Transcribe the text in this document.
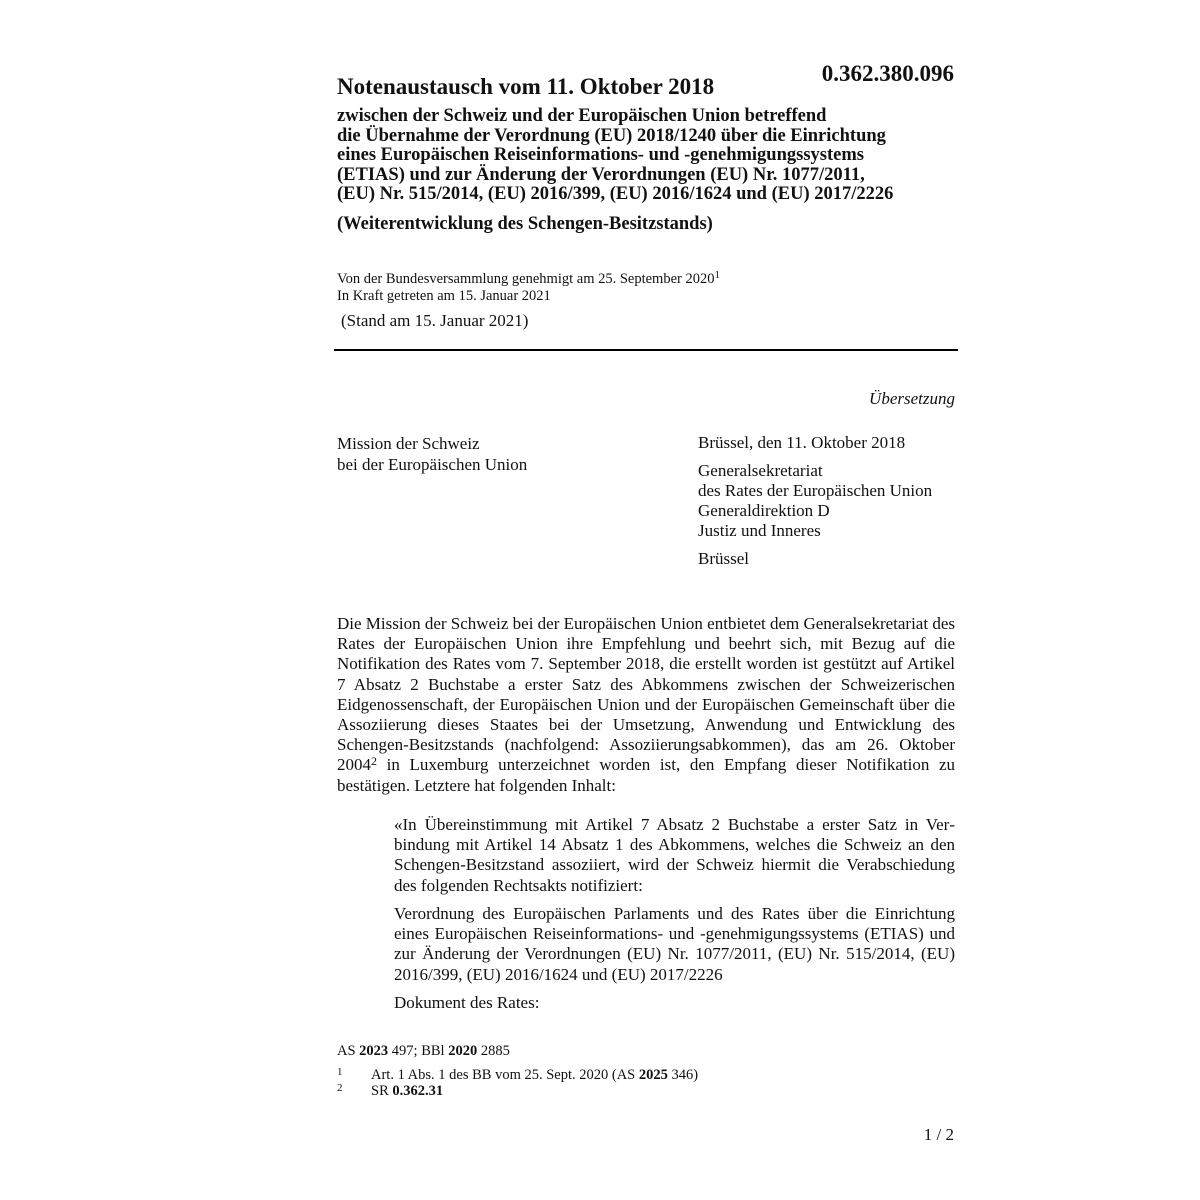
Notenaustausch vom 11. Oktober 2018
0.362.380.096
zwischen der Schweiz und der Europäischen Union betreffend
die Übernahme der Verordnung (EU) 2018/1240 über die Einrichtung
eines Europäischen Reiseinformations- und -genehmigungssystems
(ETIAS) und zur Änderung der Verordnungen (EU) Nr. 1077/2011,
(EU) Nr. 515/2014, (EU) 2016/399, (EU) 2016/1624 und (EU) 2017/2226
(Weiterentwicklung des Schengen-Besitzstands)
Von der Bundesversammlung genehmigt am 25. September 2020$^1$
In Kraft getreten am 15. Januar 2021
(Stand am 15. Januar 2021)
Übersetzung
Mission der Schweiz
bei der Europäischen Union
Brüssel, den 11. Oktober 2018
Generalsekretariat
des Rates der Europäischen Union
Generaldirektion D
Justiz und Inneres
Brüssel
Die Mission der Schweiz bei der Europäischen Union entbietet dem Generalsekretariat des Rates der Europäischen Union ihre Empfehlung und beehrt sich, mit Bezug auf die Notifikation des Rates vom 7. September 2018, die erstellt worden ist gestützt auf Artikel 7 Absatz 2 Buchstabe a erster Satz des Abkommens zwischen der Schweizerischen Eidgenossenschaft, der Europäischen Union und der Europäischen Gemeinschaft über die Assoziierung dieses Staates bei der Umsetzung, Anwendung und Entwicklung des Schengen-Besitzstands (nachfolgend: Assoziierungsabkommen), das am 26. Oktober 2004$^2$ in Luxemburg unterzeichnet worden ist, den Empfang dieser Notifikation zu bestätigen. Letztere hat folgenden Inhalt:
«In Übereinstimmung mit Artikel 7 Absatz 2 Buchstabe a erster Satz in Verbindung mit Artikel 14 Absatz 1 des Abkommens, welches die Schweiz an den Schengen-Besitzstand assoziiert, wird der Schweiz hiermit die Verabschiedung des folgenden Rechtsakts notifiziert:
Verordnung des Europäischen Parlaments und des Rates über die Einrichtung eines Europäischen Reiseinformations- und -genehmigungssystems (ETIAS) und zur Änderung der Verordnungen (EU) Nr. 1077/2011, (EU) Nr. 515/2014, (EU) 2016/399, (EU) 2016/1624 und (EU) 2017/2226
Dokument des Rates:
AS 2023 497; BBl 2020 2885
1 Art. 1 Abs. 1 des BB vom 25. Sept. 2020 (AS 2025 346)
2 SR 0.362.31
1 / 2
